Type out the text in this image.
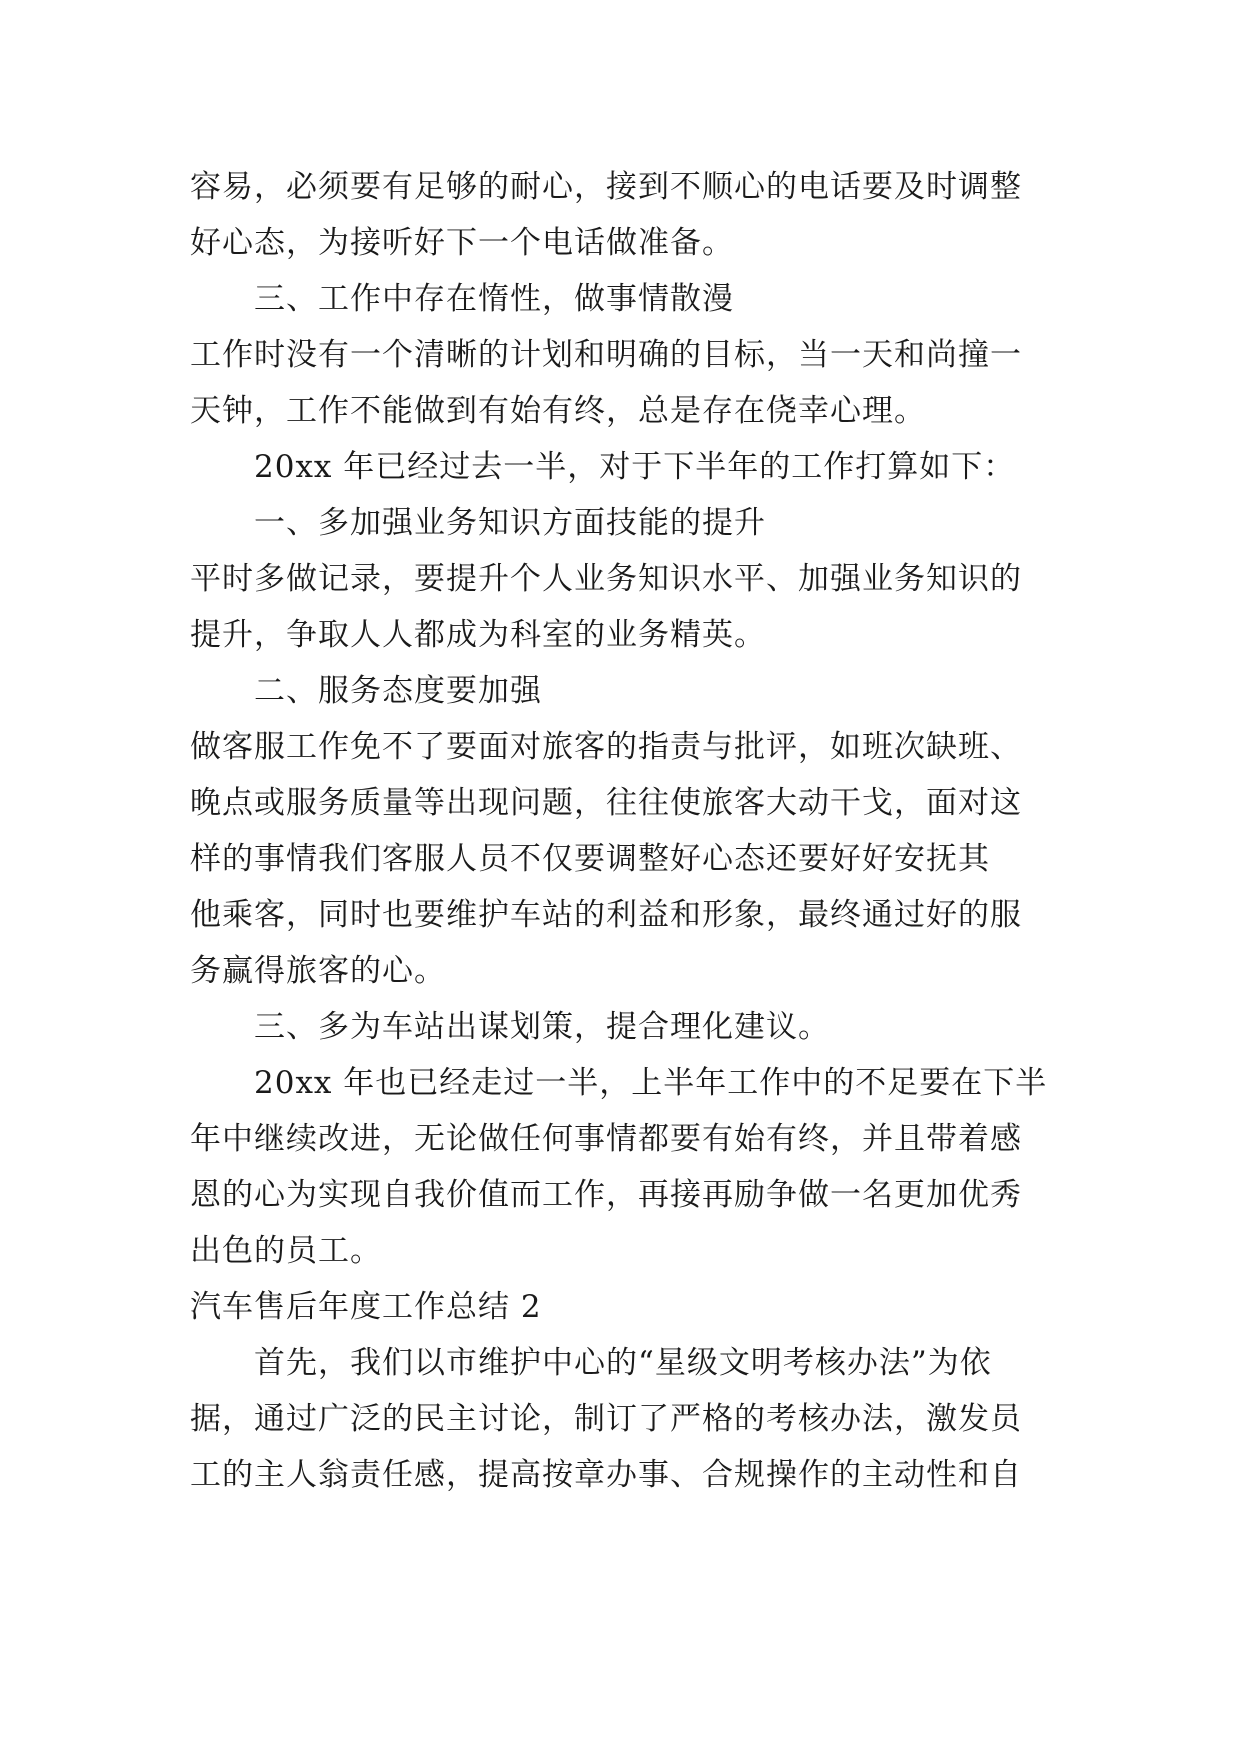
容易，必须要有足够的耐心，接到不顺心的电话要及时调整
好心态，为接听好下一个电话做准备。
三、工作中存在惰性，做事情散漫
工作时没有一个清晰的计划和明确的目标，当一天和尚撞一
天钟，工作不能做到有始有终，总是存在侥幸心理。
20xx 年已经过去一半，对于下半年的工作打算如下：
一、多加强业务知识方面技能的提升
平时多做记录，要提升个人业务知识水平、加强业务知识的
提升，争取人人都成为科室的业务精英。
二、服务态度要加强
做客服工作免不了要面对旅客的指责与批评，如班次缺班、
晚点或服务质量等出现问题，往往使旅客大动干戈，面对这
样的事情我们客服人员不仅要调整好心态还要好好安抚其
他乘客，同时也要维护车站的利益和形象，最终通过好的服
务赢得旅客的心。
三、多为车站出谋划策，提合理化建议。
20xx 年也已经走过一半，上半年工作中的不足要在下半
年中继续改进，无论做任何事情都要有始有终，并且带着感
恩的心为实现自我价值而工作，再接再励争做一名更加优秀
出色的员工。
汽车售后年度工作总结 2
首先，我们以市维护中心的“星级文明考核办法”为依
据，通过广泛的民主讨论，制订了严格的考核办法，激发员
工的主人翁责任感，提高按章办事、合规操作的主动性和自
